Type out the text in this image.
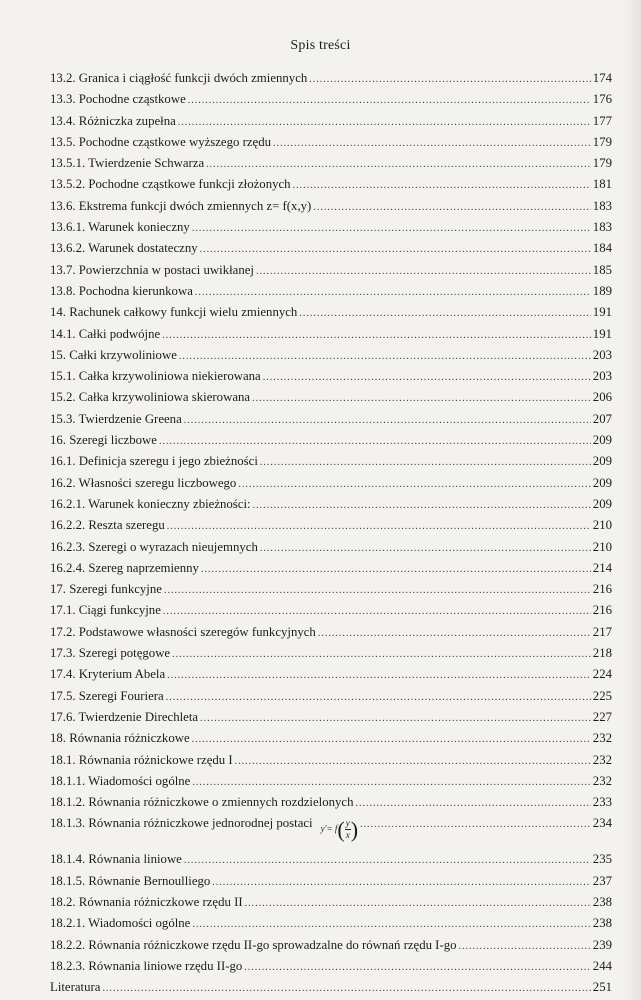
Spis treści
13.2. Granica i ciągłość funkcji dwóch zmiennych .....	174
13.3. Pochodne cząstkowe .....	176
13.4. Różniczka zupełna .....	177
13.5. Pochodne cząstkowe wyższego rzędu .....	179
13.5.1. Twierdzenie Schwarza .....	179
13.5.2. Pochodne cząstkowe funkcji złożonych .....	181
13.6. Ekstrema funkcji dwóch zmiennych z= f(x,y) .....	183
13.6.1. Warunek konieczny .....	183
13.6.2. Warunek dostateczny .....	184
13.7. Powierzchnia w postaci uwikłanej .....	185
13.8. Pochodna kierunkowa .....	189
14. Rachunek całkowy funkcji wielu zmiennych .....	191
14.1. Całki podwójne .....	191
15. Całki krzywoliniowe .....	203
15.1. Całka krzywoliniowa niekierowana .....	203
15.2. Całka krzywoliniowa skierowana .....	206
15.3. Twierdzenie Greena .....	207
16. Szeregi liczbowe .....	209
16.1. Definicja szeregu i jego zbieżności .....	209
16.2. Własności szeregu liczbowego .....	209
16.2.1. Warunek konieczny zbieżności: .....	209
16.2.2. Reszta szeregu .....	210
16.2.3. Szeregi o wyrazach nieujemnych .....	210
16.2.4. Szereg naprzemienny .....	214
17. Szeregi funkcyjne .....	216
17.1. Ciągi funkcyjne .....	216
17.2. Podstawowe własności szeregów funkcyjnych .....	217
17.3. Szeregi potęgowe .....	218
17.4. Kryterium Abela .....	224
17.5. Szeregi Fouriera .....	225
17.6. Twierdzenie Direchleta .....	227
18. Równania różniczkowe .....	232
18.1. Równania różnickowe rzędu I .....	232
18.1.1. Wiadomości ogólne .....	232
18.1.2. Równania różniczkowe o zmiennych rozdzielonych .....	233
18.1.3. Równania różniczkowe jednorodnej postaci $y'= f( \frac{y}{x}$ ) .....	234
18.1.4. Równania liniowe .....	235
18.1.5. Równanie Bernoulliego .....	237
18.2. Równania różniczkowe rzędu II .....	238
18.2.1. Wiadomości ogólne .....	238
18.2.2. Równania różniczkowe rzędu II-go sprowadzalne do równań rzędu I-go .....	239
18.2.3. Równania liniowe rzędu II-go .....	244
Literatura .....	251
